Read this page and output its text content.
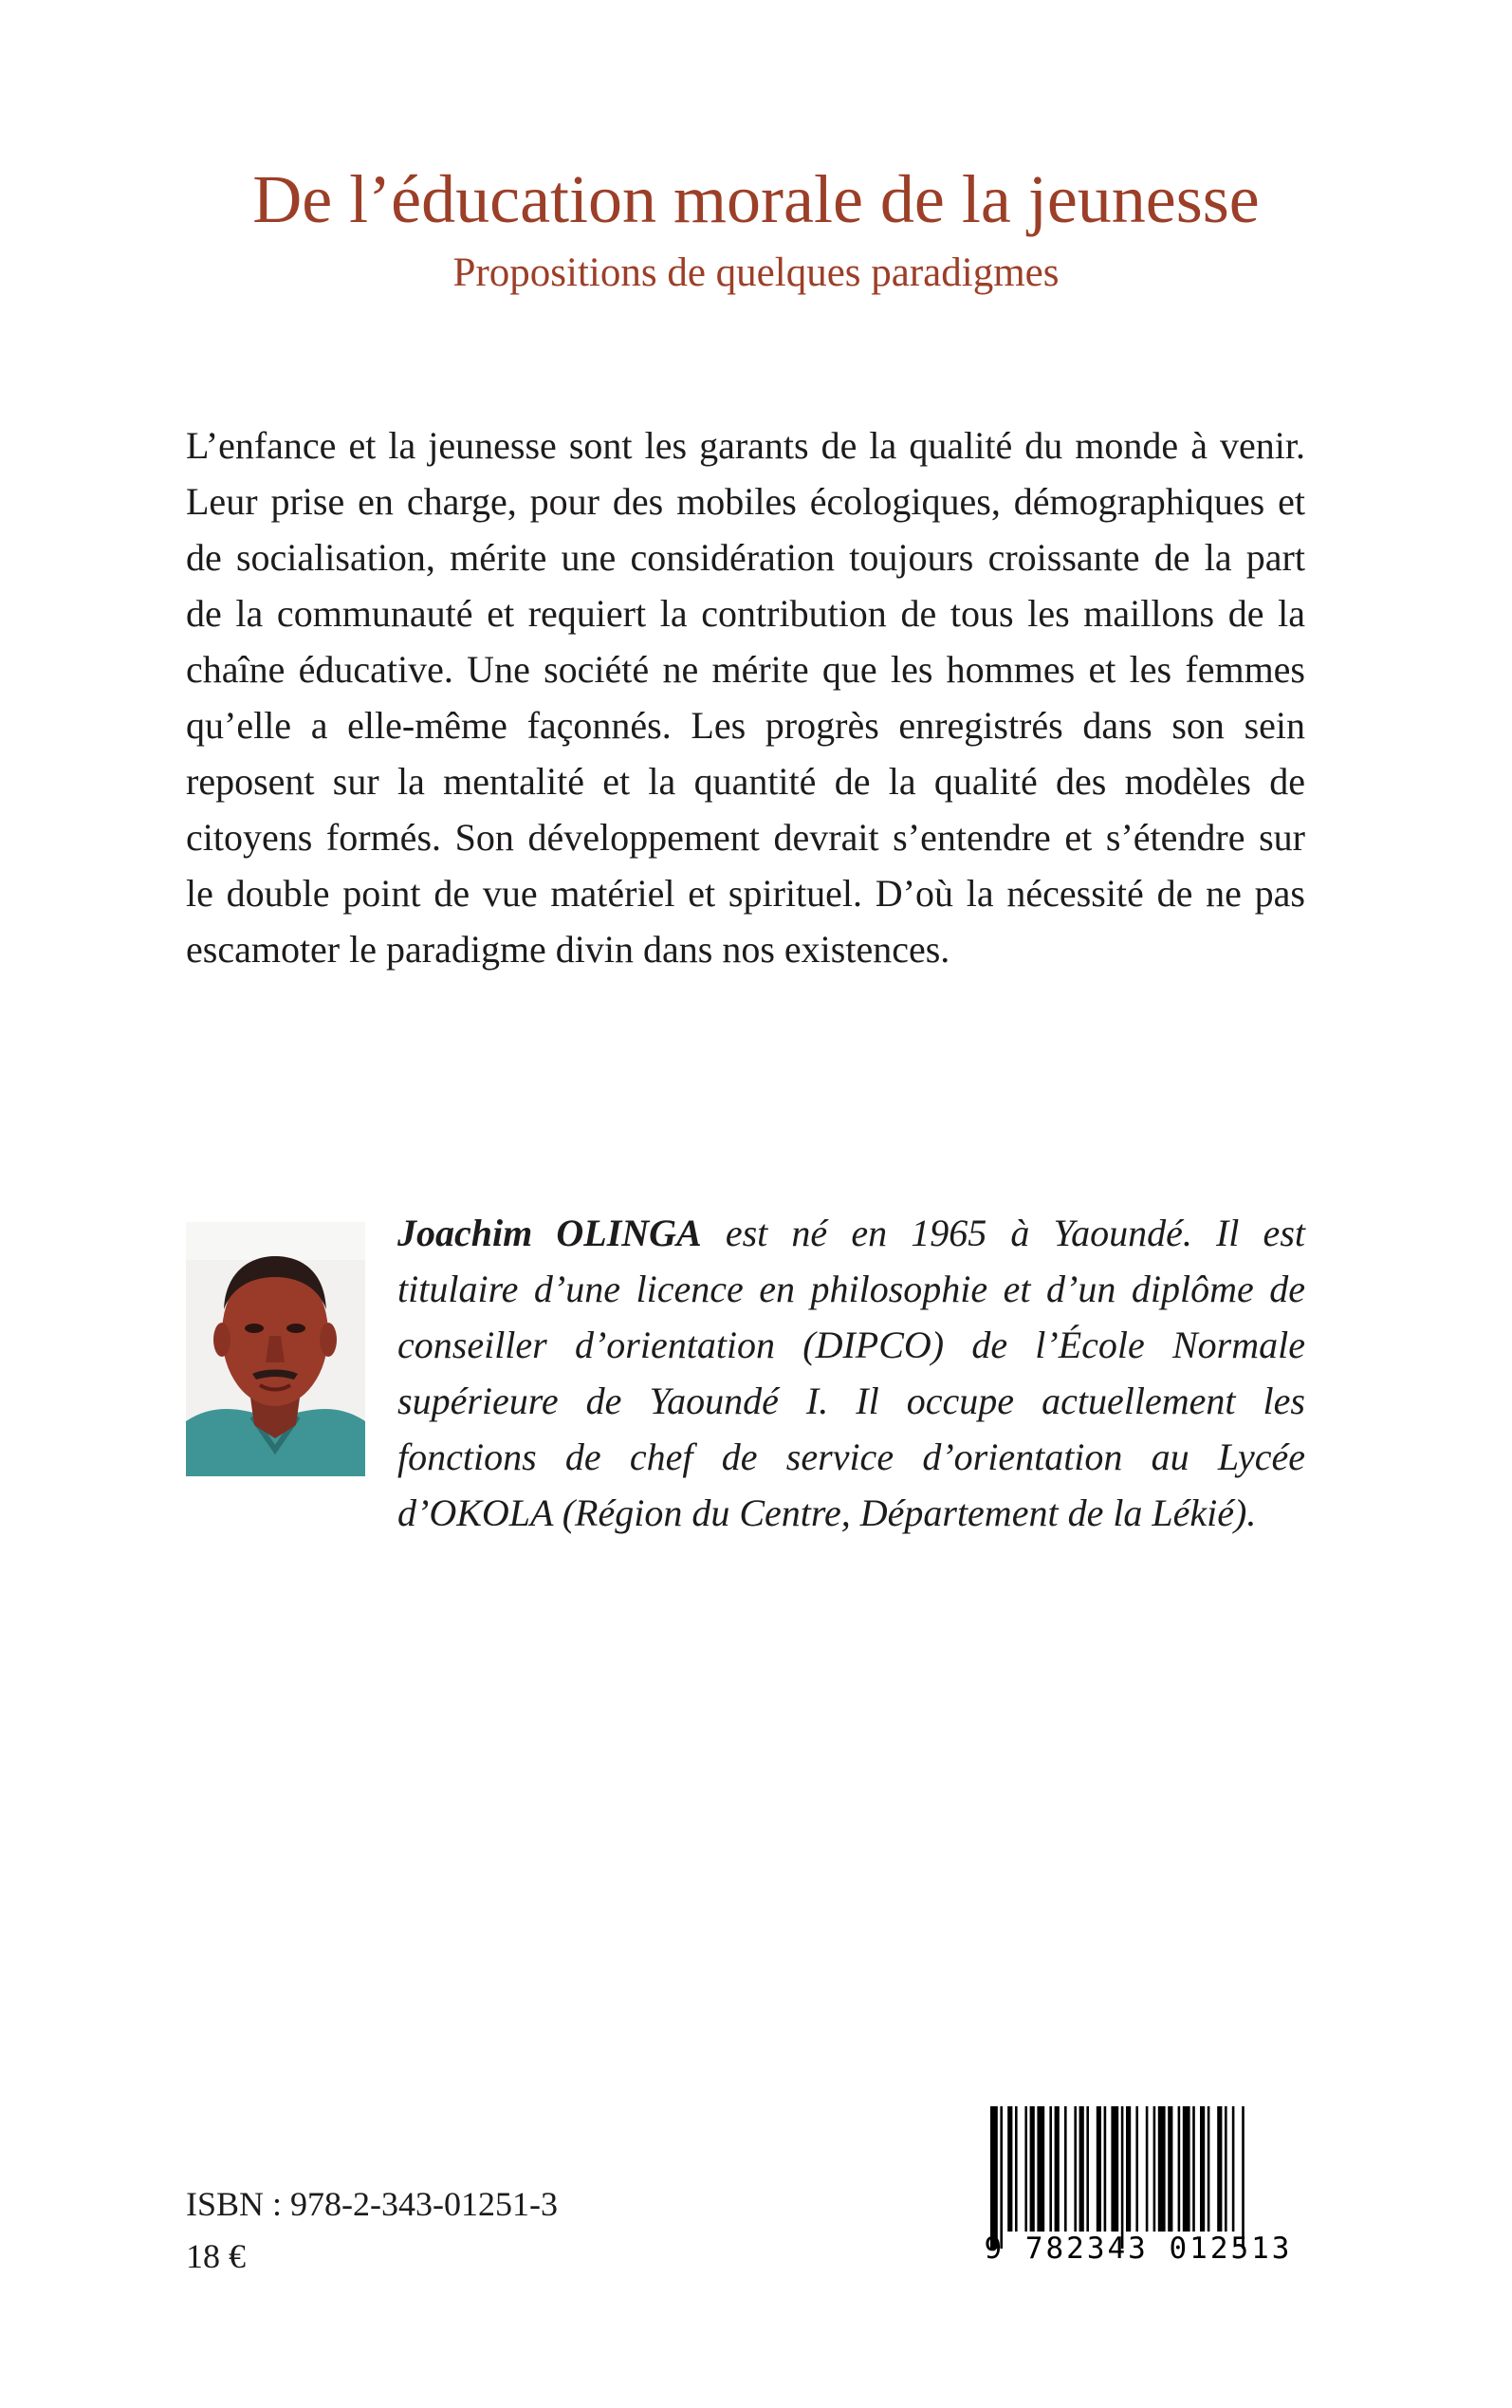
De l’éducation morale de la jeunesse
Propositions de quelques paradigmes

L’enfance et la jeunesse sont les garants de la qualité du monde à venir. Leur prise en charge, pour des mobiles écologiques, démographiques et de socialisation, mérite une considération toujours croissante de la part de la communauté et requiert la contribution de tous les maillons de la chaîne éducative. Une société ne mérite que les hommes et les femmes qu’elle a elle-même façonnés. Les progrès enregistrés dans son sein reposent sur la mentalité et la quantité de la qualité des modèles de citoyens formés. Son développement devrait s’entendre et s’étendre sur le double point de vue matériel et spirituel. D’où la nécessité de ne pas escamoter le paradigme divin dans nos existences.

Joachim OLINGA est né en 1965 à Yaoundé. Il est titulaire d’une licence en philosophie et d’un diplôme de conseiller d’orientation (DIPCO) de l’École Normale supérieure de Yaoundé I. Il occupe actuellement les fonctions de chef de service d’orientation au Lycée d’OKOLA (Région du Centre, Département de la Lékié).
ISBN : 978-2-343-01251-3
18 €	9 782343 012513
